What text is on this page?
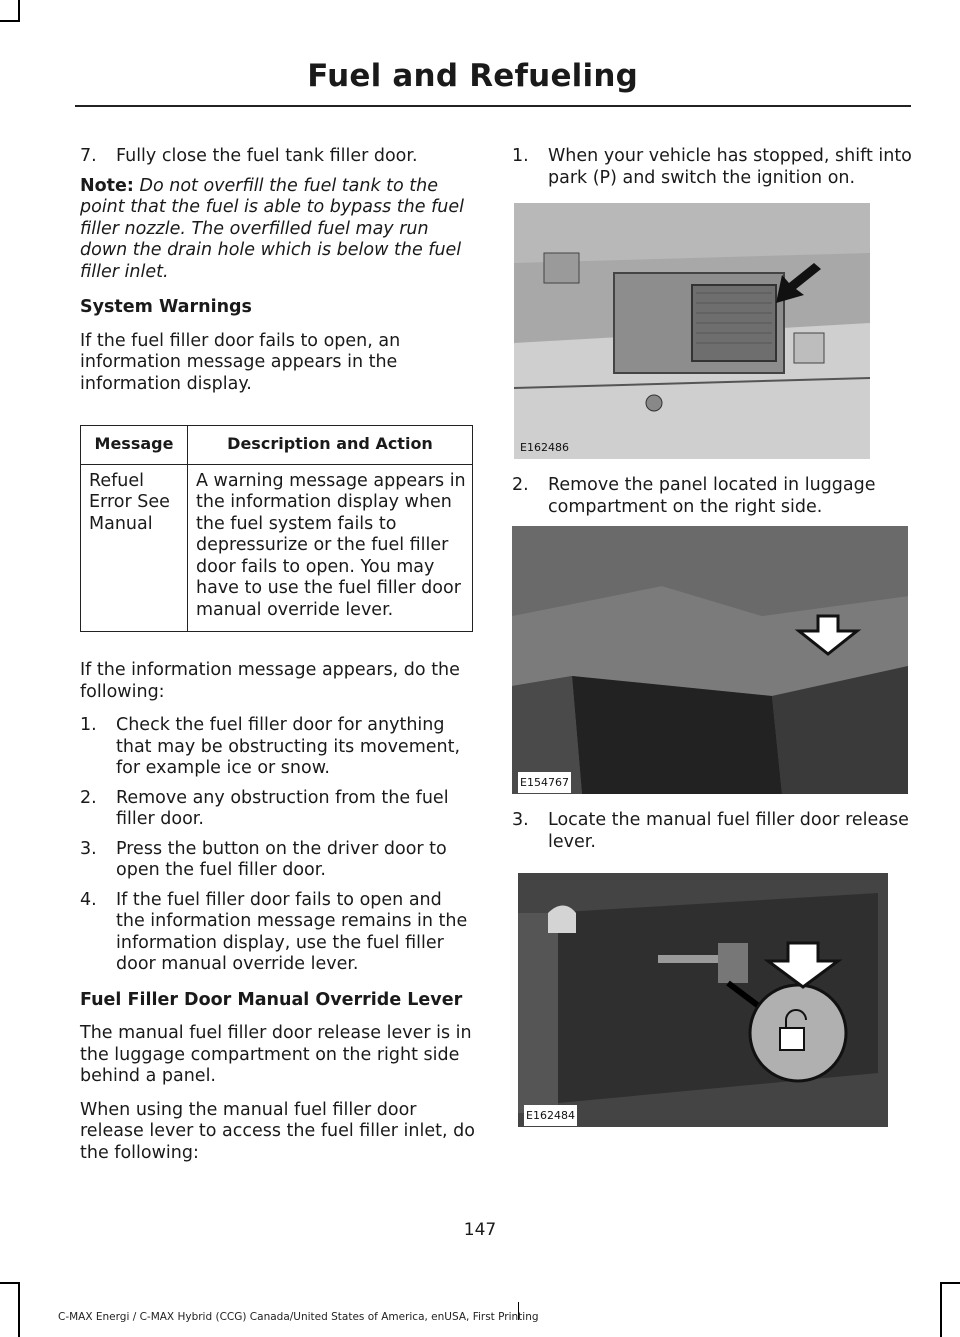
Fuel and Refueling
7. Fully close the fuel tank filler door.

Note: Do not overfill the fuel tank to the point that the fuel is able to bypass the fuel filler nozzle. The overfilled fuel may run down the drain hole which is below the fuel filler inlet.

System Warnings

If the fuel filler door fails to open, an information message appears in the information display.

Message	Description and Action
Refuel Error See Manual	A warning message appears in the information display when the fuel system fails to depressurize or the fuel filler door fails to open. You may have to use the fuel filler door manual override lever.

If the information message appears, do the following:

1. Check the fuel filler door for anything that may be obstructing its movement, for example ice or snow.
2. Remove any obstruction from the fuel filler door.
3. Press the button on the driver door to open the fuel filler door.
4. If the fuel filler door fails to open and the information message remains in the information display, use the fuel filler door manual override lever.

Fuel Filler Door Manual Override Lever

The manual fuel filler door release lever is in the luggage compartment on the right side behind a panel.

When using the manual fuel filler door release lever to access the fuel filler inlet, do the following:

1. When your vehicle has stopped, shift into park (P) and switch the ignition on.
E162486
2. Remove the panel located in luggage compartment on the right side.
E154767
3. Locate the manual fuel filler door release lever.
E162484
147
C-MAX Energi / C-MAX Hybrid (CCG) Canada/United States of America, enUSA, First Printing
